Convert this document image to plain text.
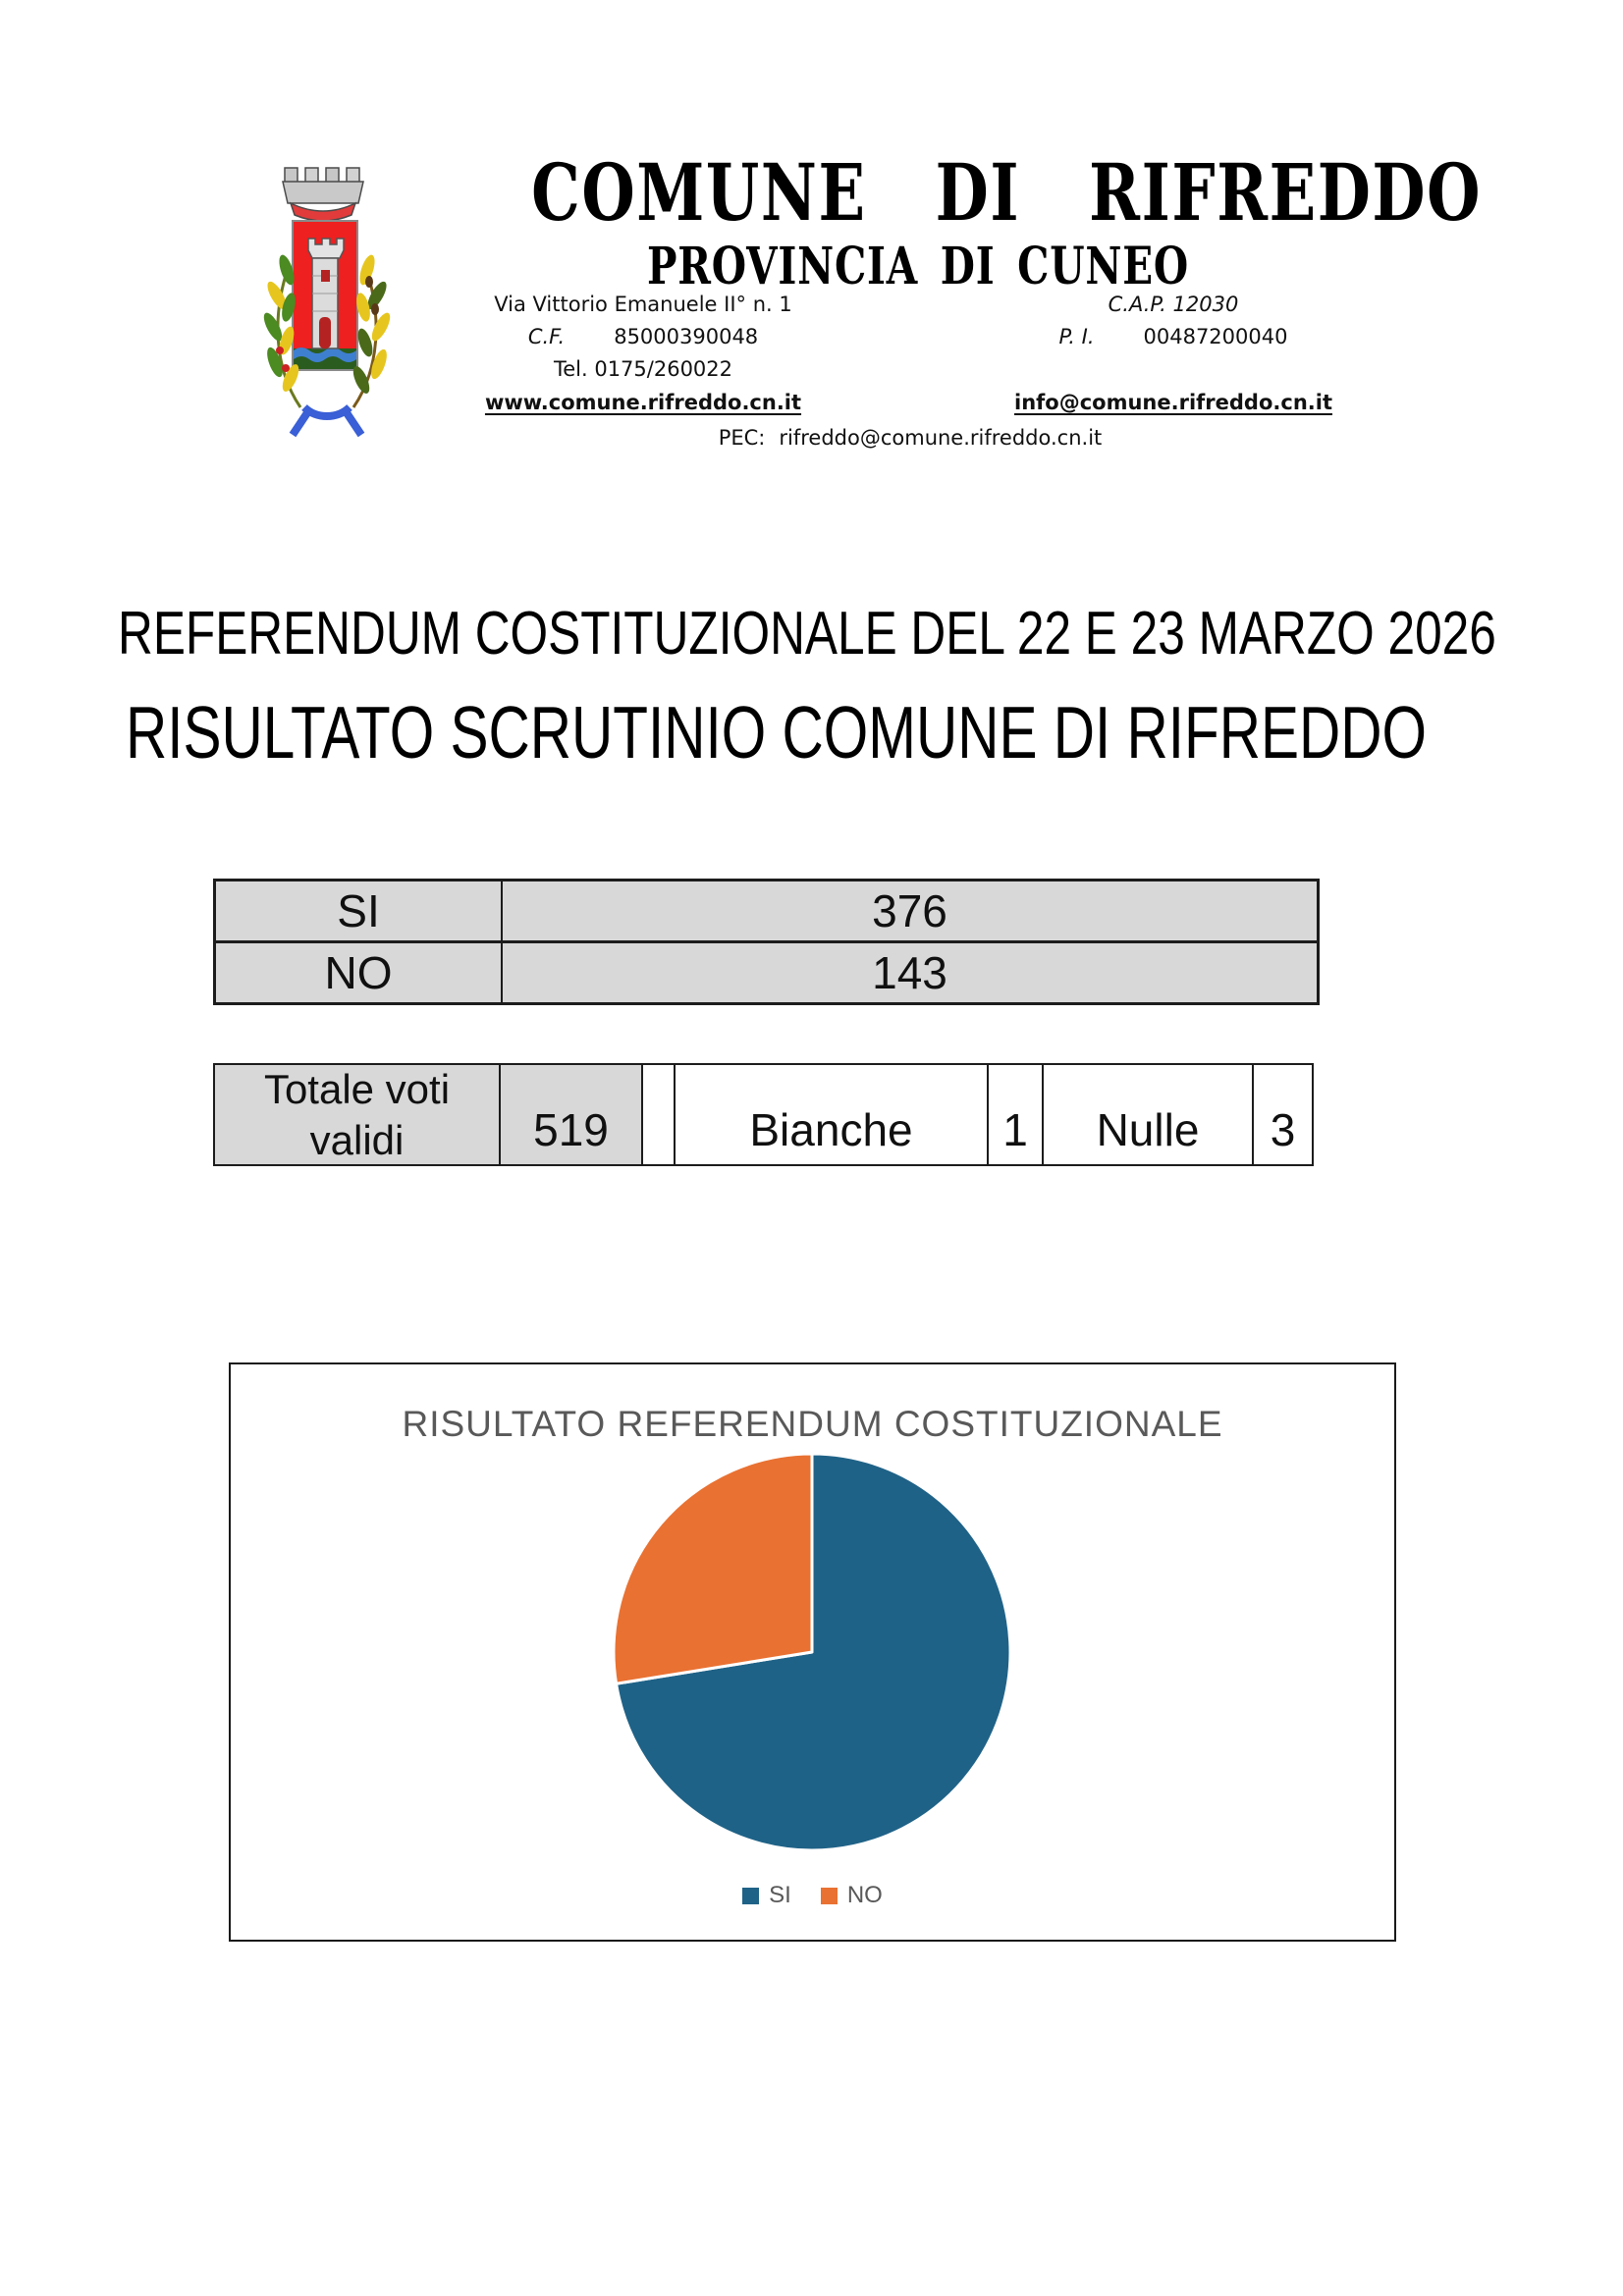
COMUNE DI RIFREDDO
PROVINCIA DI CUNEO
Via Vittorio Emanuele II° n. 1	C.A.P. 12030
C.F. 85000390048	P. I. 00487200040
Tel. 0175/260022
www.comune.rifreddo.cn.it	info@comune.rifreddo.cn.it
PEC: rifreddo@comune.rifreddo.cn.it
REFERENDUM COSTITUZIONALE DEL 22 E 23 MARZO 2026
RISULTATO SCRUTINIO COMUNE DI RIFREDDO
SI	376
NO	143
Totale voti
validi	519	Bianche	1	Nulle	3
RISULTATO REFERENDUM COSTITUZIONALE
SI NO
